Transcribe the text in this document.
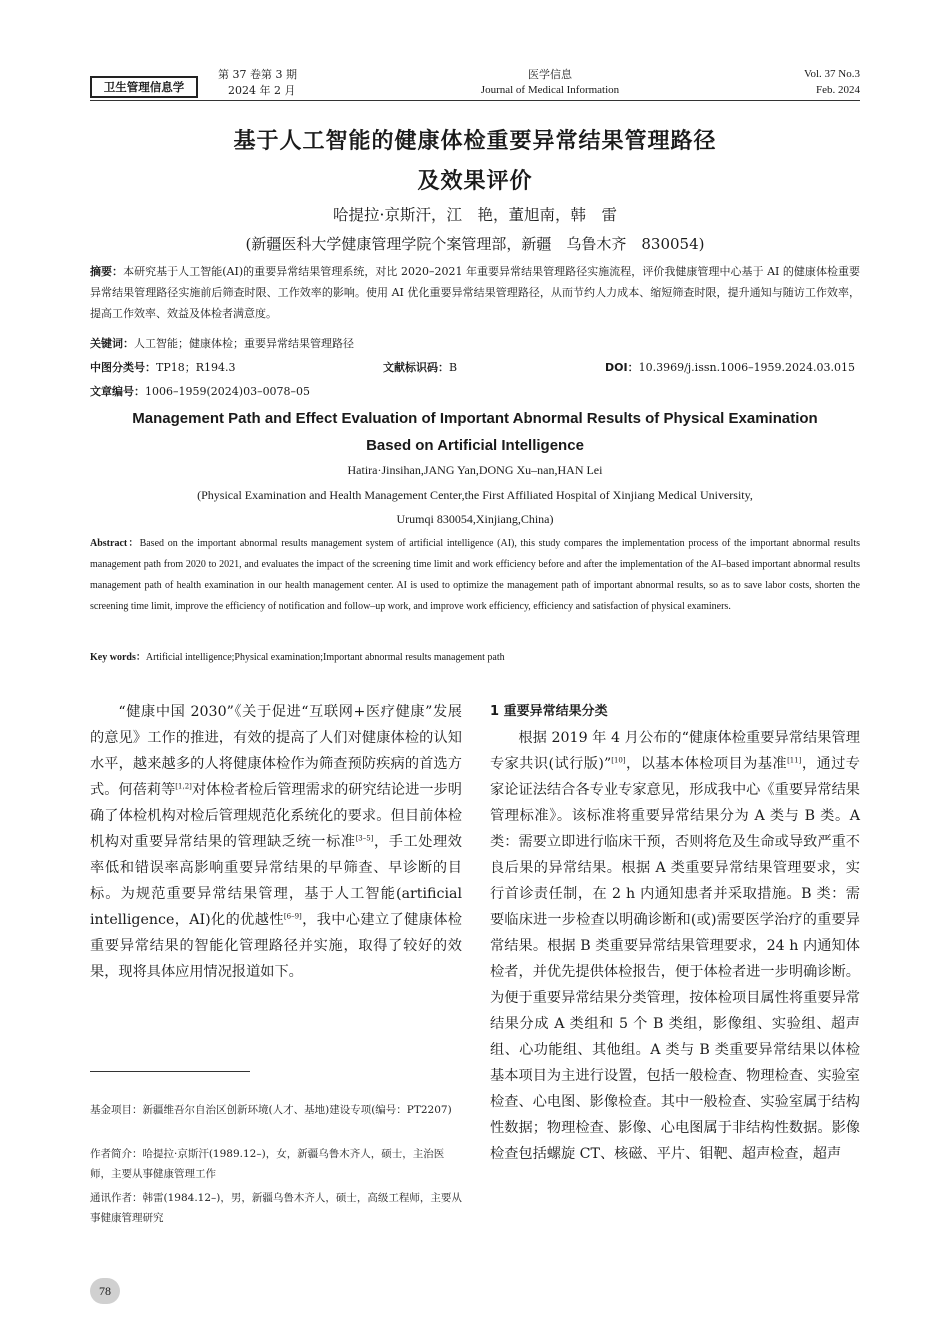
卫生管理信息学
第 37 卷第 3 期
2024 年 2 月
医学信息
Journal of Medical Information
Vol. 37 No.3
Feb. 2024
基于人工智能的健康体检重要异常结果管理路径
及效果评价
哈提拉·京斯汗，江　艳，董旭南，韩　雷
(新疆医科大学健康管理学院个案管理部，新疆　乌鲁木齐　830054)
摘要：本研究基于人工智能(AI)的重要异常结果管理系统，对比 2020–2021 年重要异常结果管理路径实施流程，评价我健康管理中心基于 AI 的健康体检重要异常结果管理路径实施前后筛查时限、工作效率的影响。使用 AI 优化重要异常结果管理路径，从而节约人力成本、缩短筛查时限，提升通知与随访工作效率，提高工作效率、效益及体检者满意度。
关键词：人工智能；健康体检；重要异常结果管理路径
中图分类号：TP18；R194.3	文献标识码：B	DOI：10.3969/j.issn.1006–1959.2024.03.015
文章编号：1006–1959(2024)03–0078–05
Management Path and Effect Evaluation of Important Abnormal Results of Physical Examination
Based on Artificial Intelligence
Hatira·Jinsihan,JANG Yan,DONG Xu–nan,HAN Lei
(Physical Examination and Health Management Center,the First Affiliated Hospital of Xinjiang Medical University,
Urumqi 830054,Xinjiang,China)
Abstract：Based on the important abnormal results management system of artificial intelligence (AI), this study compares the implementation process of the important abnormal results management path from 2020 to 2021, and evaluates the impact of the screening time limit and work efficiency before and after the implementation of the AI–based important abnormal results management path of health examination in our health management center. AI is used to optimize the management path of important abnormal results, so as to save labor costs, shorten the screening time limit, improve the efficiency of notification and follow–up work, and improve work efficiency, efficiency and satisfaction of physical examiners.
Key words：Artificial intelligence;Physical examination;Important abnormal results management path

“健康中国 2030”《关于促进“互联网+医疗健康”发展的意见》工作的推进，有效的提高了人们对健康体检的认知水平，越来越多的人将健康体检作为筛查预防疾病的首选方式。何蓓莉等[1,2]对体检者检后管理需求的研究结论进一步明确了体检机构对检后管理规范化系统化的要求。但目前体检机构对重要异常结果的管理缺乏统一标准[3–5]，手工处理效率低和错误率高影响重要异常结果的早筛查、早诊断的目标。为规范重要异常结果管理，基于人工智能(artificial intelligence，AI)化的优越性[6–9]，我中心建立了健康体检重要异常结果的智能化管理路径并实施，取得了较好的效果，现将具体应用情况报道如下。

基金项目：新疆维吾尔自治区创新环境(人才、基地)建设专项(编号：PT2207)
作者简介：哈提拉·京斯汗(1989.12–)，女，新疆乌鲁木齐人，硕士，主治医师，主要从事健康管理工作
通讯作者：韩雷(1984.12–)，男，新疆乌鲁木齐人，硕士，高级工程师，主要从事健康管理研究
1 重要异常结果分类

根据 2019 年 4 月公布的“健康体检重要异常结果管理专家共识(试行版)”[10]，以基本体检项目为基准[11]，通过专家论证法结合各专业专家意见，形成我中心《重要异常结果管理标准》。该标准将重要异常结果分为 A 类与 B 类。A 类：需要立即进行临床干预，否则将危及生命或导致严重不良后果的异常结果。根据 A 类重要异常结果管理要求，实行首诊责任制，在 2 h 内通知患者并采取措施。B 类：需要临床进一步检查以明确诊断和(或)需要医学治疗的重要异常结果。根据 B 类重要异常结果管理要求，24 h 内通知体检者，并优先提供体检报告，便于体检者进一步明确诊断。为便于重要异常结果分类管理，按体检项目属性将重要异常结果分成 A 类组和 5 个 B 类组，影像组、实验组、超声组、心功能组、其他组。A 类与 B 类重要异常结果以体检基本项目为主进行设置，包括一般检查、物理检查、实验室检查、心电图、影像检查。其中一般检查、实验室属于结构性数据；物理检查、影像、心电图属于非结构性数据。影像检查包括螺旋 CT、核磁、平片、钼靶、超声检查，超声

78
